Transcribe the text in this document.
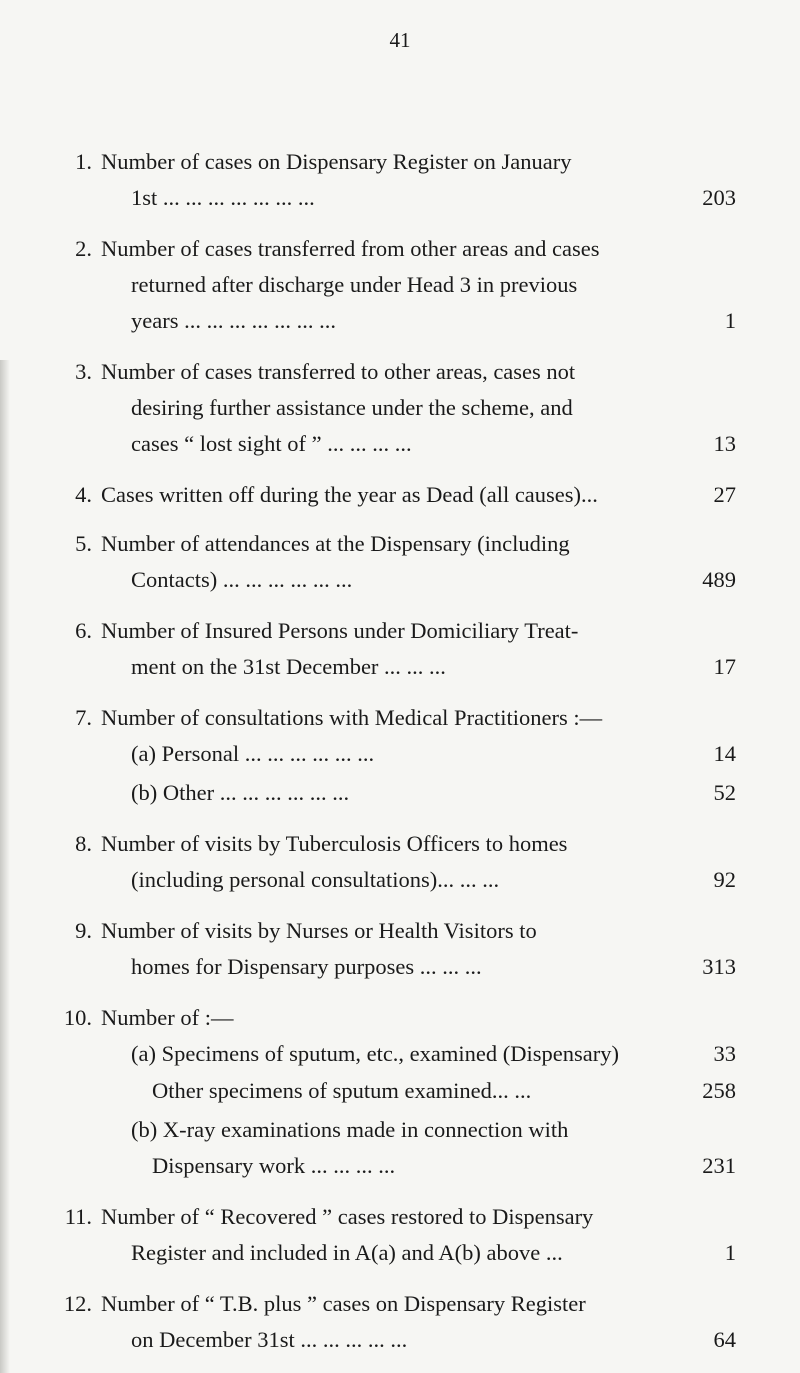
41
1. Number of cases on Dispensary Register on January
1st ... ... ... ... ... ... ...	203
2. Number of cases transferred from other areas and cases
returned after discharge under Head 3 in previous
years ... ... ... ... ... ... ...	1
3. Number of cases transferred to other areas, cases not
desiring further assistance under the scheme, and
cases “ lost sight of ” ... ... ... ...	13
4. Cases written off during the year as Dead (all causes)...	27
5. Number of attendances at the Dispensary (including
Contacts) ... ... ... ... ... ...	489
6. Number of Insured Persons under Domiciliary Treat-
ment on the 31st December ... ... ...	17
7. Number of consultations with Medical Practitioners :—
(a) Personal ... ... ... ... ... ...	14
(b) Other ... ... ... ... ... ...	52
8. Number of visits by Tuberculosis Officers to homes
(including personal consultations)... ... ...	92
9. Number of visits by Nurses or Health Visitors to
homes for Dispensary purposes ... ... ...	313
10. Number of :—
(a) Specimens of sputum, etc., examined (Dispensary)	33
Other specimens of sputum examined... ...	258
(b) X-ray examinations made in connection with
Dispensary work ... ... ... ...	231
11. Number of “ Recovered ” cases restored to Dispensary
Register and included in A(a) and A(b) above ...	1
12. Number of “ T.B. plus ” cases on Dispensary Register
on December 31st ... ... ... ... ...	64
